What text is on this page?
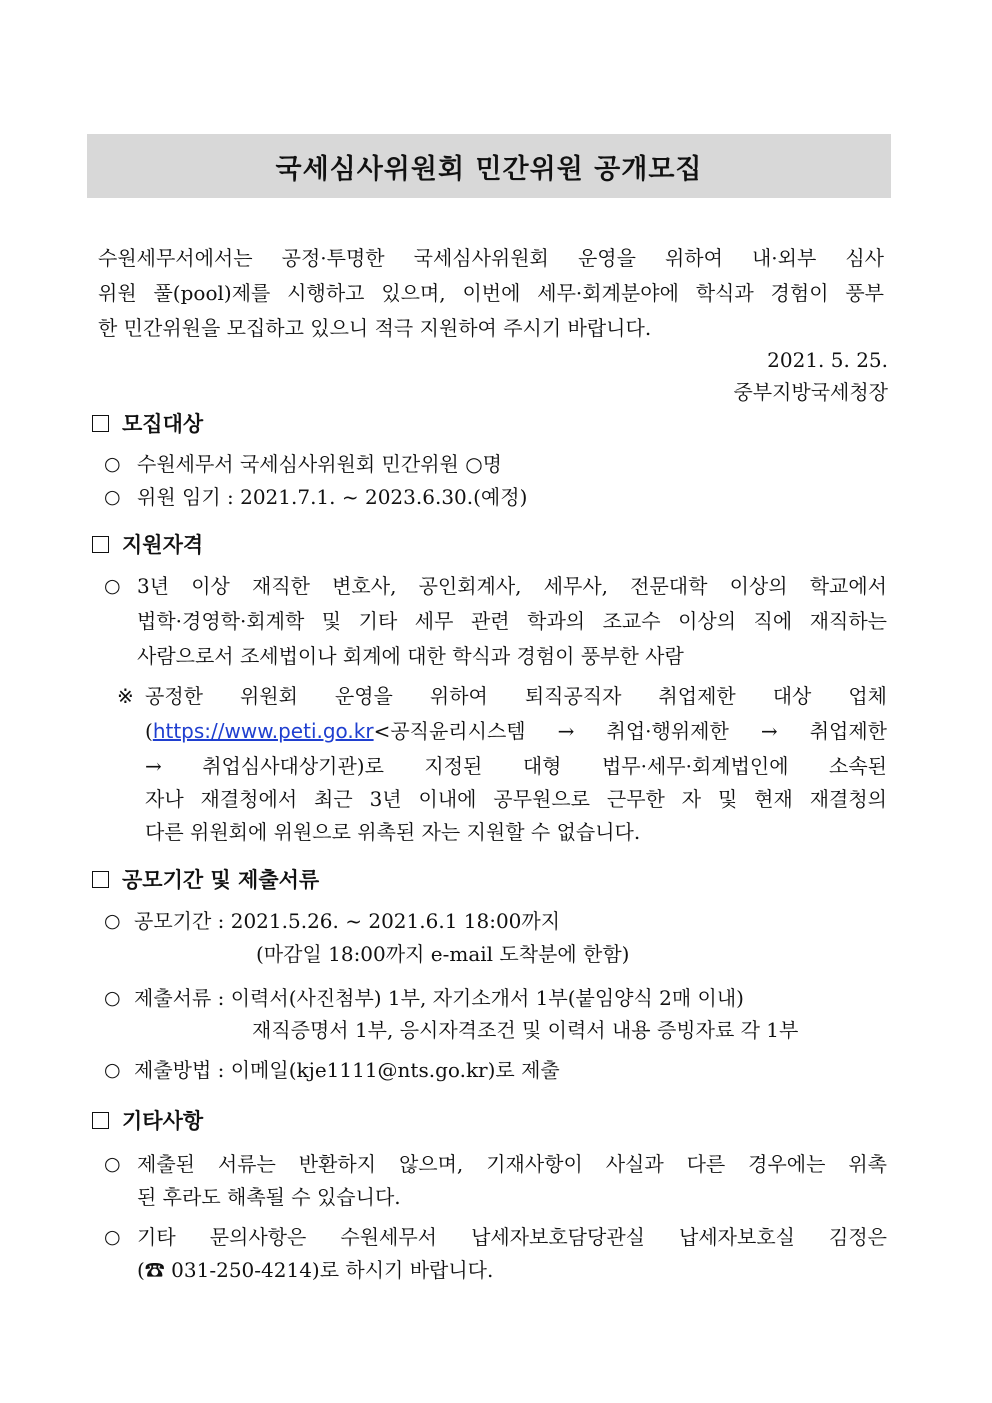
국세심사위원회 민간위원 공개모집
수원세무서에서는 공정·투명한 국세심사위원회 운영을 위하여 내·외부 심사
위원 풀(pool)제를 시행하고 있으며, 이번에 세무·회계분야에 학식과 경험이 풍부
한 민간위원을 모집하고 있으니 적극 지원하여 주시기 바랍니다.
2021. 5. 25.
중부지방국세청장
모집대상
○ 수원세무서 국세심사위원회 민간위원 ○명
○ 위원 임기 : 2021.7.1. ~ 2023.6.30.(예정)
지원자격
○ 3년 이상 재직한 변호사, 공인회계사, 세무사, 전문대학 이상의 학교에서
법학·경영학·회계학 및 기타 세무 관련 학과의 조교수 이상의 직에 재직하는
사람으로서 조세법이나 회계에 대한 학식과 경험이 풍부한 사람
※ 공정한 위원회 운영을 위하여 퇴직공직자 취업제한 대상 업체
( https://www.peti.go.kr <공직윤리시스템 → 취업·행위제한 → 취업제한
→ 취업심사대상기관)로 지정된 대형 법무·세무·회계법인에 소속된
자나 재결청에서 최근 3년 이내에 공무원으로 근무한 자 및 현재 재결청의
다른 위원회에 위원으로 위촉된 자는 지원할 수 없습니다.
공모기간 및 제출서류
○ 공모기간 : 2021.5.26. ~ 2021.6.1 18:00까지
(마감일 18:00까지 e-mail 도착분에 한함)
○ 제출서류 : 이력서(사진첨부) 1부, 자기소개서 1부(붙임양식 2매 이내)
재직증명서 1부, 응시자격조건 및 이력서 내용 증빙자료 각 1부
○ 제출방법 : 이메일(kje1111@nts.go.kr)로 제출
기타사항
○ 제출된 서류는 반환하지 않으며, 기재사항이 사실과 다른 경우에는 위촉
된 후라도 해촉될 수 있습니다.
○ 기타 문의사항은 수원세무서 납세자보호담당관실 납세자보호실 김정은
(☎ 031-250-4214)로 하시기 바랍니다.
